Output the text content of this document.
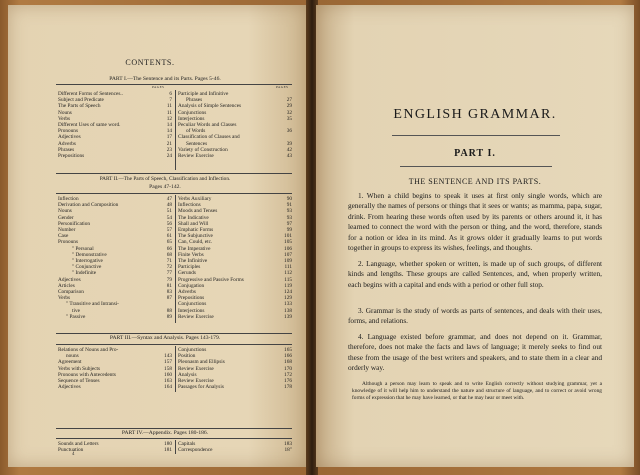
CONTENTS.
PART I.—The Sentence and its Parts. Pages 5-46.
PAGES	PAGES
Different Forms of Sentences..	6
Subject and Predicate	7
The Parts of Speech	11
Nouns	11
Verbs	12
Different Uses of same word.	14
Pronouns	14
Adjectives	17
Adverbs	21
Phrases	23
Prepositions	24
Participle and Infinitive
Phrases	27
Analysis of Simple Sentences	29
Conjunctions	32
Interjections	35
Peculiar Words and Classes
of Words	36
Classification of Clauses and
Sentences	39
Variety of Construction	42
Review Exercise	43
PART II.—The Parts of Speech, Classification and Inflection.
Pages 47-142.
Inflection	47
Derivation and Composition	48
Nouns	51
Gender	54
Personification	56
Number	57
Case	61
Pronouns	65
" Personal	66
" Demonstrative	68
" Interrogative	71
" Conjunctive	72
" Indefinite	77
Adjectives	79
Articles	81
Comparison	83
Verbs	87
" Transitive and Intransi-
tive	88
" Passive	89
Verbs Auxiliary	90
Inflections	91
Moods and Tenses	93
The Indicative	93
Shall and Will	97
Emphatic Forms	99
The Subjunctive	101
Can, Could, etc.	105
The Imperative	106
Finite Verbs	107
The Infinitive	109
Participles	111
Gerunds	112
Progressive and Passive Forms	115
Conjugation	119
Adverbs	124
Prepositions	129
Conjunctions	133
Interjections	138
Review Exercise	139
PART III.—Syntax and Analysis. Pages 143-179.
Relations of Nouns and Pro-
nouns	143
Agreement	157
Verbs with Subjects	158
Pronouns with Antecedents	160
Sequence of Tenses	163
Adjectives	164
Conjunctions	165
Position	166
Pleonasm and Ellipsis	168
Review Exercise	170
Analysis	172
Review Exercise	176
Passages for Analysis	178
PART IV.—Appendix. Pages 180-186.
Sounds and Letters	180
Punctuation	181
Capitals	183
Correspondence	18″
4
ENGLISH GRAMMAR.
PART I.
THE SENTENCE AND ITS PARTS.
1. When a child begins to speak it uses at first only single words, which are generally the names of persons or things that it sees or wants; as mamma, papa, sugar, drink. From hearing these words often used by its parents or others around it, it has learned to connect the word with the person or thing, and the word, therefore, stands for a notion or idea in its mind. As it grows older it gradually learns to put words together in groups to express its wishes, feelings, and thoughts.
2. Language, whether spoken or written, is made up of such groups, of different kinds and lengths. These groups are called Sentences, and, when properly written, each begins with a capital and ends with a period or other full stop.
3. Grammar is the study of words as parts of sentences, and deals with their uses, forms, and relations.
4. Language existed before grammar, and does not depend on it. Grammar, therefore, does not make the facts and laws of language; it merely seeks to find out these from the usage of the best writers and speakers, and to state them in a clear and orderly way.
Although a person may learn to speak and to write English correctly without studying grammar, yet a knowledge of it will help him to understand the nature and structure of language, and to correct or avoid wrong forms of expression that he may have learned, or that he may hear or meet with.
